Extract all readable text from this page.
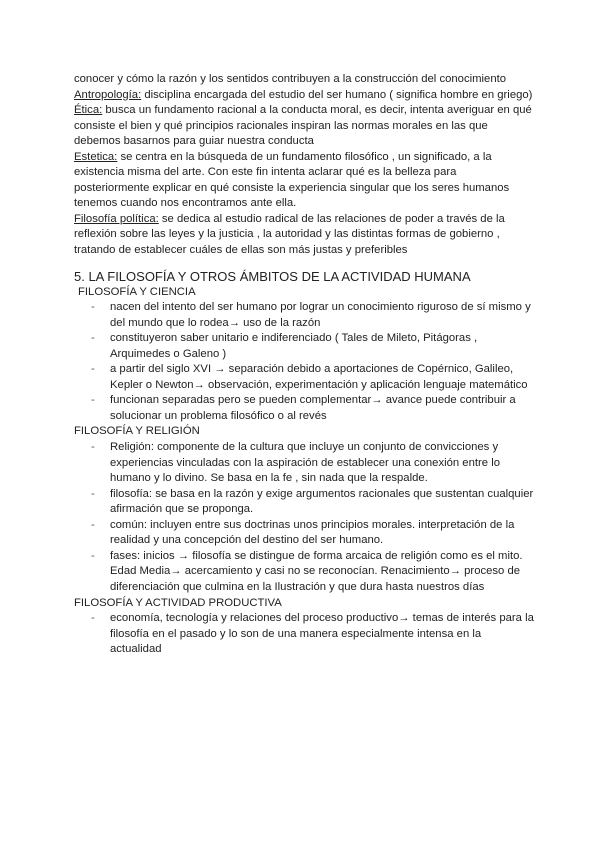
conocer y cómo la razón y los sentidos contribuyen a la construcción del conocimiento

Antropología: disciplina encargada del estudio del ser humano ( significa hombre en griego)

Ética: busca un fundamento racional a la conducta moral, es decir, intenta averiguar en qué consiste el bien y qué principios racionales inspiran las normas morales en las que debemos basarnos para guiar nuestra conducta

Estetica: se centra en la búsqueda de un fundamento filosófico , un significado, a la existencia misma del arte. Con este fin intenta aclarar qué es la belleza para posteriormente explicar en qué consiste la experiencia singular que los seres humanos tenemos cuando nos encontramos ante ella.

Filosofía política: se dedica al estudio radical de las relaciones de poder a través de la reflexión sobre las leyes y la justicia , la autoridad y las distintas formas de gobierno , tratando de establecer cuáles de ellas son más justas y preferibles

5. LA FILOSOFÍA Y OTROS ÁMBITOS DE LA ACTIVIDAD HUMANA

FILOSOFÍA Y CIENCIA

- nacen del intento del ser humano por lograr un conocimiento riguroso de sí mismo y del mundo que lo rodea→ uso de la razón
- constituyeron saber unitario e indiferenciado ( Tales de Mileto, Pitágoras , Arquimedes o Galeno )
- a partir del siglo XVI → separación debido a aportaciones de Copérnico, Galileo, Kepler o Newton→ observación, experimentación y aplicación lenguaje matemático
- funcionan separadas pero se pueden complementar→ avance puede contribuir a solucionar un problema filosófico o al revés

FILOSOFÍA Y RELIGIÓN

- Religión: componente de la cultura que incluye un conjunto de convicciones y experiencias vinculadas con la aspiración de establecer una conexión entre lo humano y lo divino. Se basa en la fe , sin nada que la respalde.
- filosofía: se basa en la razón y exige argumentos racionales que sustentan cualquier afirmación que se proponga.
- común: incluyen entre sus doctrinas unos principios morales. interpretación de la realidad y una concepción del destino del ser humano.
- fases: inicios → filosofía se distingue de forma arcaica de religión como es el mito. Edad Media→ acercamiento y casi no se reconocían. Renacimiento→ proceso de diferenciación que culmina en la Ilustración y que dura hasta nuestros días

FILOSOFÍA Y ACTIVIDAD PRODUCTIVA

- economía, tecnología y relaciones del proceso productivo→ temas de interés para la filosofía en el pasado y lo son de una manera especialmente intensa en la actualidad
